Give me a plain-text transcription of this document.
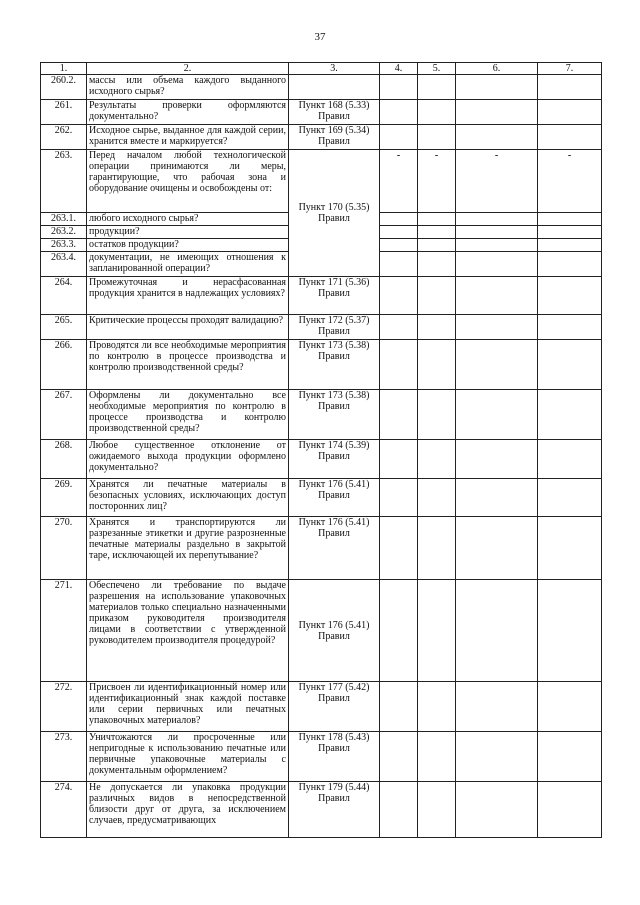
37
1.	2.	3.	4.	5.	6.	7.
260.2.	массы или объема каждого выданного исходного сырья?					
261.	Результаты проверки оформляются документально?	Пункт 168 (5.33) Правил				
262.	Исходное сырье, выданное для каждой серии, хранится вместе и маркируется?	Пункт 169 (5.34) Правил				
263.	Перед началом любой технологической операции принимаются ли меры, гарантирующие, что рабочая зона и оборудование очищены и освобождены от:	Пункт 170 (5.35) Правил	-	-	-	-
263.1.	любого исходного сырья?					
263.2.	продукции?					
263.3.	остатков продукции?					
263.4.	документации, не имеющих отношения к запланированной операции?					
264.	Промежуточная и нерасфасованная продукция хранится в надлежащих условиях?	Пункт 171 (5.36) Правил				
265.	Критические процессы проходят валидацию?	Пункт 172 (5.37) Правил				
266.	Проводятся ли все необходимые мероприятия по контролю в процессе производства и контролю производственной среды?	Пункт 173 (5.38) Правил				
267.	Оформлены ли документально все необходимые мероприятия по контролю в процессе производства и контролю производственной среды?	Пункт 173 (5.38) Правил				
268.	Любое существенное отклонение от ожидаемого выхода продукции оформлено документально?	Пункт 174 (5.39) Правил				
269.	Хранятся ли печатные материалы в безопасных условиях, исключающих доступ посторонних лиц?	Пункт 176 (5.41) Правил				
270.	Хранятся и транспортируются ли разрезанные этикетки и другие разрозненные печатные материалы раздельно в закрытой таре, исключающей их перепутывание?	Пункт 176 (5.41) Правил				
271.	Обеспечено ли требование по выдаче разрешения на использование упаковочных материалов только специально назначенными приказом руководителя производителя лицами в соответствии с утвержденной руководителем производителя процедурой?	Пункт 176 (5.41) Правил				
272.	Присвоен ли идентификационный номер или идентификационный знак каждой поставке или серии первичных или печатных упаковочных материалов?	Пункт 177 (5.42) Правил				
273.	Уничтожаются ли просроченные или непригодные к использованию печатные или первичные упаковочные материалы с документальным оформлением?	Пункт 178 (5.43) Правил				
274.	Не допускается ли упаковка продукции различных видов в непосредственной близости друг от друга, за исключением случаев, предусматривающих	Пункт 179 (5.44) Правил				
